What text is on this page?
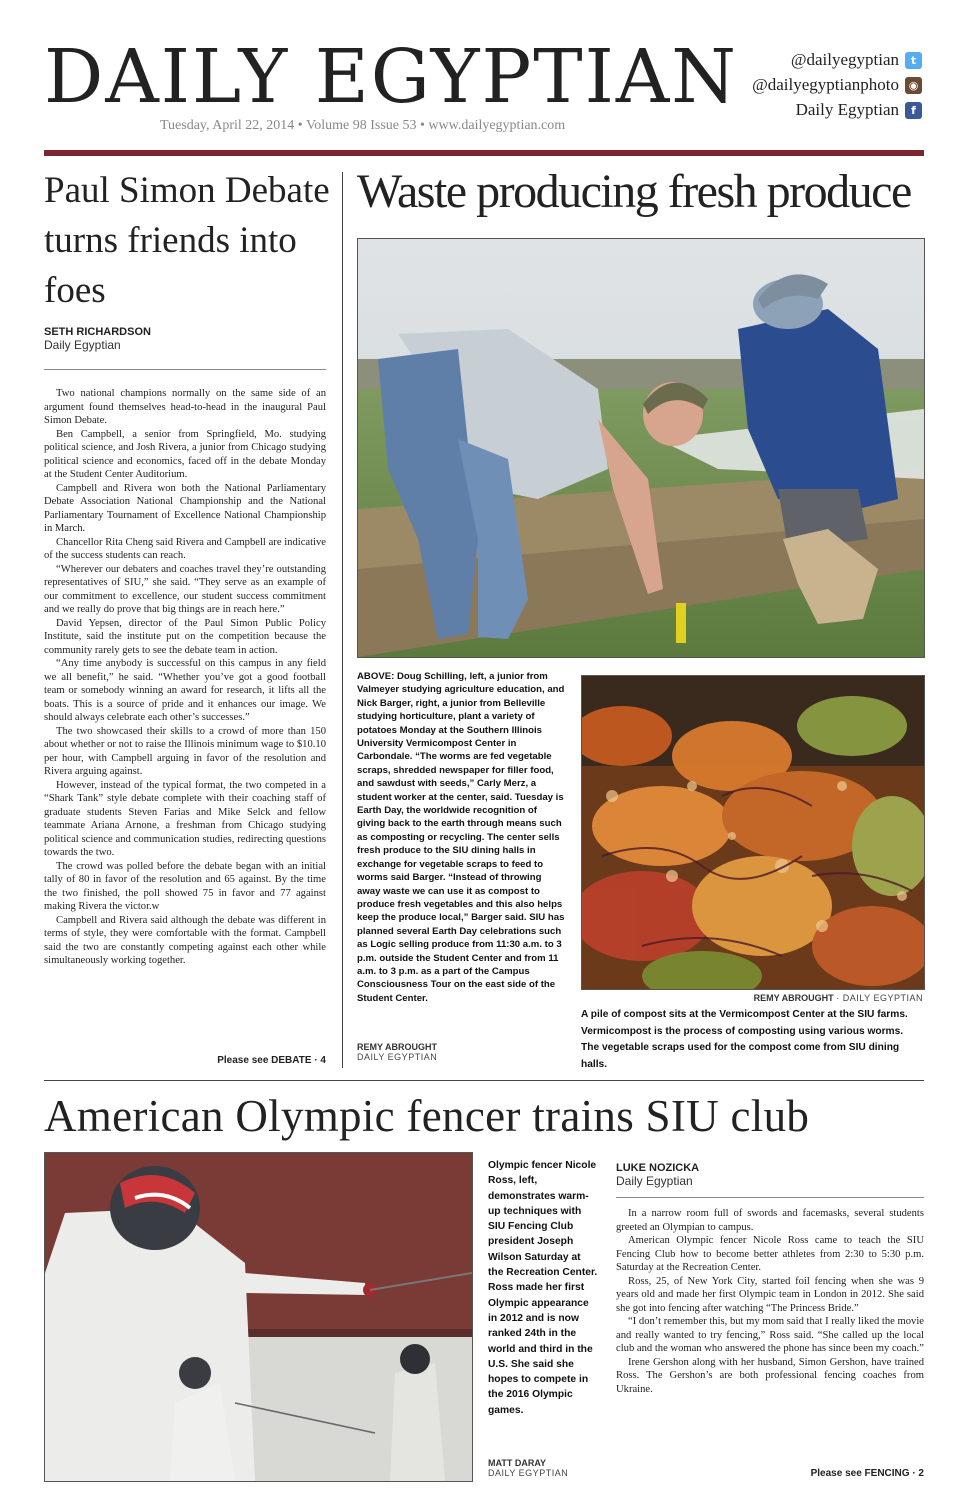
DAILY EGYPTIAN
Tuesday, April 22, 2014 • Volume 98 Issue 53 • www.dailyegyptian.com
@dailyegyptian	t
@dailyegyptianphoto ◉
Daily Egyptian	f
Paul Simon Debate turns friends into foes
SETH RICHARDSON
Daily Egyptian

Two national champions normally on the same side of an argument found themselves head-to-head in the inaugural Paul Simon Debate.

Ben Campbell, a senior from Springfield, Mo. studying political science, and Josh Rivera, a junior from Chicago studying political science and economics, faced off in the debate Monday at the Student Center Auditorium.

Campbell and Rivera won both the National Parliamentary Debate Association National Championship and the National Parliamentary Tournament of Excellence National Championship in March.

Chancellor Rita Cheng said Rivera and Campbell are indicative of the success students can reach.

“Wherever our debaters and coaches travel they’re outstanding representatives of SIU,” she said. “They serve as an example of our commitment to excellence, our student success commitment and we really do prove that big things are in reach here.”

David Yepsen, director of the Paul Simon Public Policy Institute, said the institute put on the competition because the community rarely gets to see the debate team in action.

“Any time anybody is successful on this campus in any field we all benefit,” he said. “Whether you’ve got a good football team or somebody winning an award for research, it lifts all the boats. This is a source of pride and it enhances our image. We should always celebrate each other’s successes.”

The two showcased their skills to a crowd of more than 150 about whether or not to raise the Illinois minimum wage to $10.10 per hour, with Campbell arguing in favor of the resolution and Rivera arguing against.

However, instead of the typical format, the two competed in a “Shark Tank” style debate complete with their coaching staff of graduate students Steven Farias and Mike Selck and fellow teammate Ariana Arnone, a freshman from Chicago studying political science and communication studies, redirecting questions towards the two.

The crowd was polled before the debate began with an initial tally of 80 in favor of the resolution and 65 against. By the time the two finished, the poll showed 75 in favor and 77 against making Rivera the victor.w

Campbell and Rivera said although the debate was different in terms of style, they were comfortable with the format. Campbell said the two are constantly competing against each other while simultaneously working together.

Please see DEBATE · 4
Waste producing fresh produce
ABOVE: Doug Schilling, left, a junior from Valmeyer studying agriculture education, and Nick Barger, right, a junior from Belleville studying horticulture, plant a variety of potatoes Monday at the Southern Illinois University Vermicompost Center in Carbondale. “The worms are fed vegetable scraps, shredded newspaper for filler food, and sawdust with seeds,” Carly Merz, a student worker at the center, said. Tuesday is Earth Day, the worldwide recognition of giving back to the earth through means such as composting or recycling. The center sells fresh produce to the SIU dining halls in exchange for vegetable scraps to feed to worms said Barger. “Instead of throwing away waste we can use it as compost to produce fresh vegetables and this also helps keep the produce local,” Barger said. SIU has planned several Earth Day celebrations such as Logic selling produce from 11:30 a.m. to 3 p.m. outside the Student Center and from 11 a.m. to 3 p.m. as a part of the Campus Consciousness Tour on the east side of the Student Center.
REMY ABROUGHT
DAILY EGYPTIAN
REMY ABROUGHT · DAILY EGYPTIAN
A pile of compost sits at the Vermicompost Center at the SIU farms. Vermicompost is the process of composting using various worms. The vegetable scraps used for the compost come from SIU dining halls.
American Olympic fencer trains SIU club
Olympic fencer Nicole Ross, left, demonstrates warm-up techniques with SIU Fencing Club president Joseph Wilson Saturday at the Recreation Center. Ross made her first Olympic appearance in 2012 and is now ranked 24th in the world and third in the U.S. She said she hopes to compete in the 2016 Olympic games.
MATT DARAY
DAILY EGYPTIAN
LUKE NOZICKA
Daily Egyptian

In a narrow room full of swords and facemasks, several students greeted an Olympian to campus.

American Olympic fencer Nicole Ross came to teach the SIU Fencing Club how to become better athletes from 2:30 to 5:30 p.m. Saturday at the Recreation Center.

Ross, 25, of New York City, started foil fencing when she was 9 years old and made her first Olympic team in London in 2012. She said she got into fencing after watching “The Princess Bride.”

“I don’t remember this, but my mom said that I really liked the movie and really wanted to try fencing,” Ross said. “She called up the local club and the woman who answered the phone has since been my coach.”

Irene Gershon along with her husband, Simon Gershon, have trained Ross. The Gershon’s are both professional fencing coaches from Ukraine.

Please see FENCING · 2
